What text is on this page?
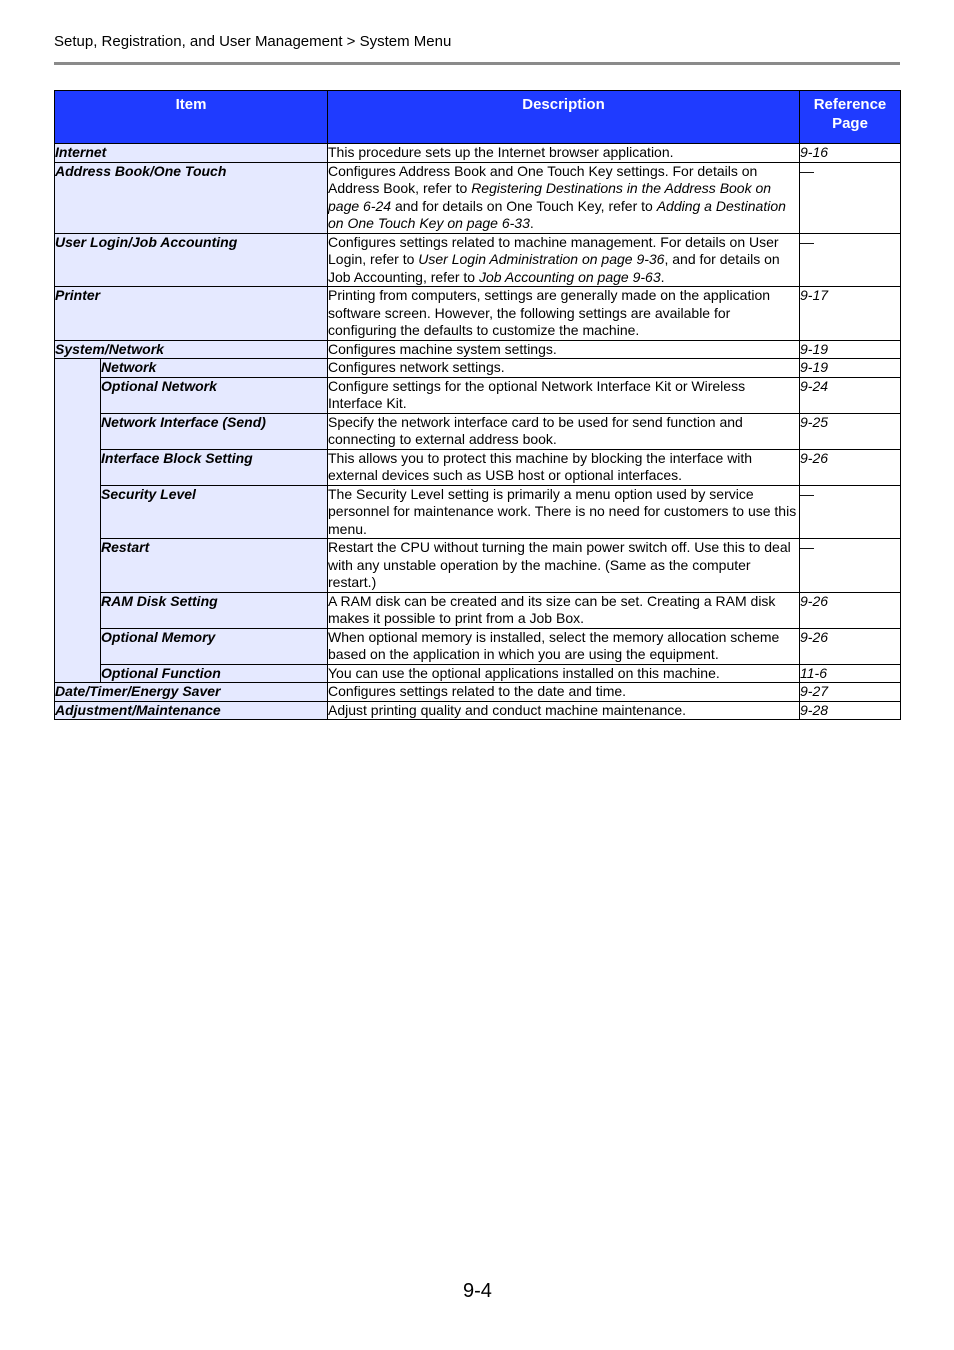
Setup, Registration, and User Management > System Menu
Item		Description	Reference
Page
Internet		This procedure sets up the Internet browser application.	9-16
Address Book/One Touch		Configures Address Book and One Touch Key settings. For details on Address Book, refer to Registering Destinations in the Address Book on page 6-24 and for details on One Touch Key, refer to Adding a Destination on One Touch Key on page 6-33.	—
User Login/Job Accounting		Configures settings related to machine management. For details on User Login, refer to User Login Administration on page 9-36, and for details on Job Accounting, refer to Job Accounting on page 9-63.	—
Printer		Printing from computers, settings are generally made on the application software screen. However, the following settings are available for configuring the defaults to customize the machine.	9-17
System/Network		Configures machine system settings.	9-19
	Network	Configures network settings.	9-19
	Optional Network	Configure settings for the optional Network Interface Kit or Wireless Interface Kit.	9-24
	Network Interface (Send)	Specify the network interface card to be used for send function and connecting to external address book.	9-25
	Interface Block Setting	This allows you to protect this machine by blocking the interface with external devices such as USB host or optional interfaces.	9-26
	Security Level	The Security Level setting is primarily a menu option used by service personnel for maintenance work. There is no need for customers to use this menu.	—
	Restart	Restart the CPU without turning the main power switch off. Use this to deal with any unstable operation by the machine. (Same as the computer restart.)	—
	RAM Disk Setting	A RAM disk can be created and its size can be set. Creating a RAM disk makes it possible to print from a Job Box.	9-26
	Optional Memory	When optional memory is installed, select the memory allocation scheme based on the application in which you are using the equipment.	9-26
	Optional Function	You can use the optional applications installed on this machine.	11-6
Date/Timer/Energy Saver		Configures settings related to the date and time.	9-27
Adjustment/Maintenance		Adjust printing quality and conduct machine maintenance.	9-28
9-4
